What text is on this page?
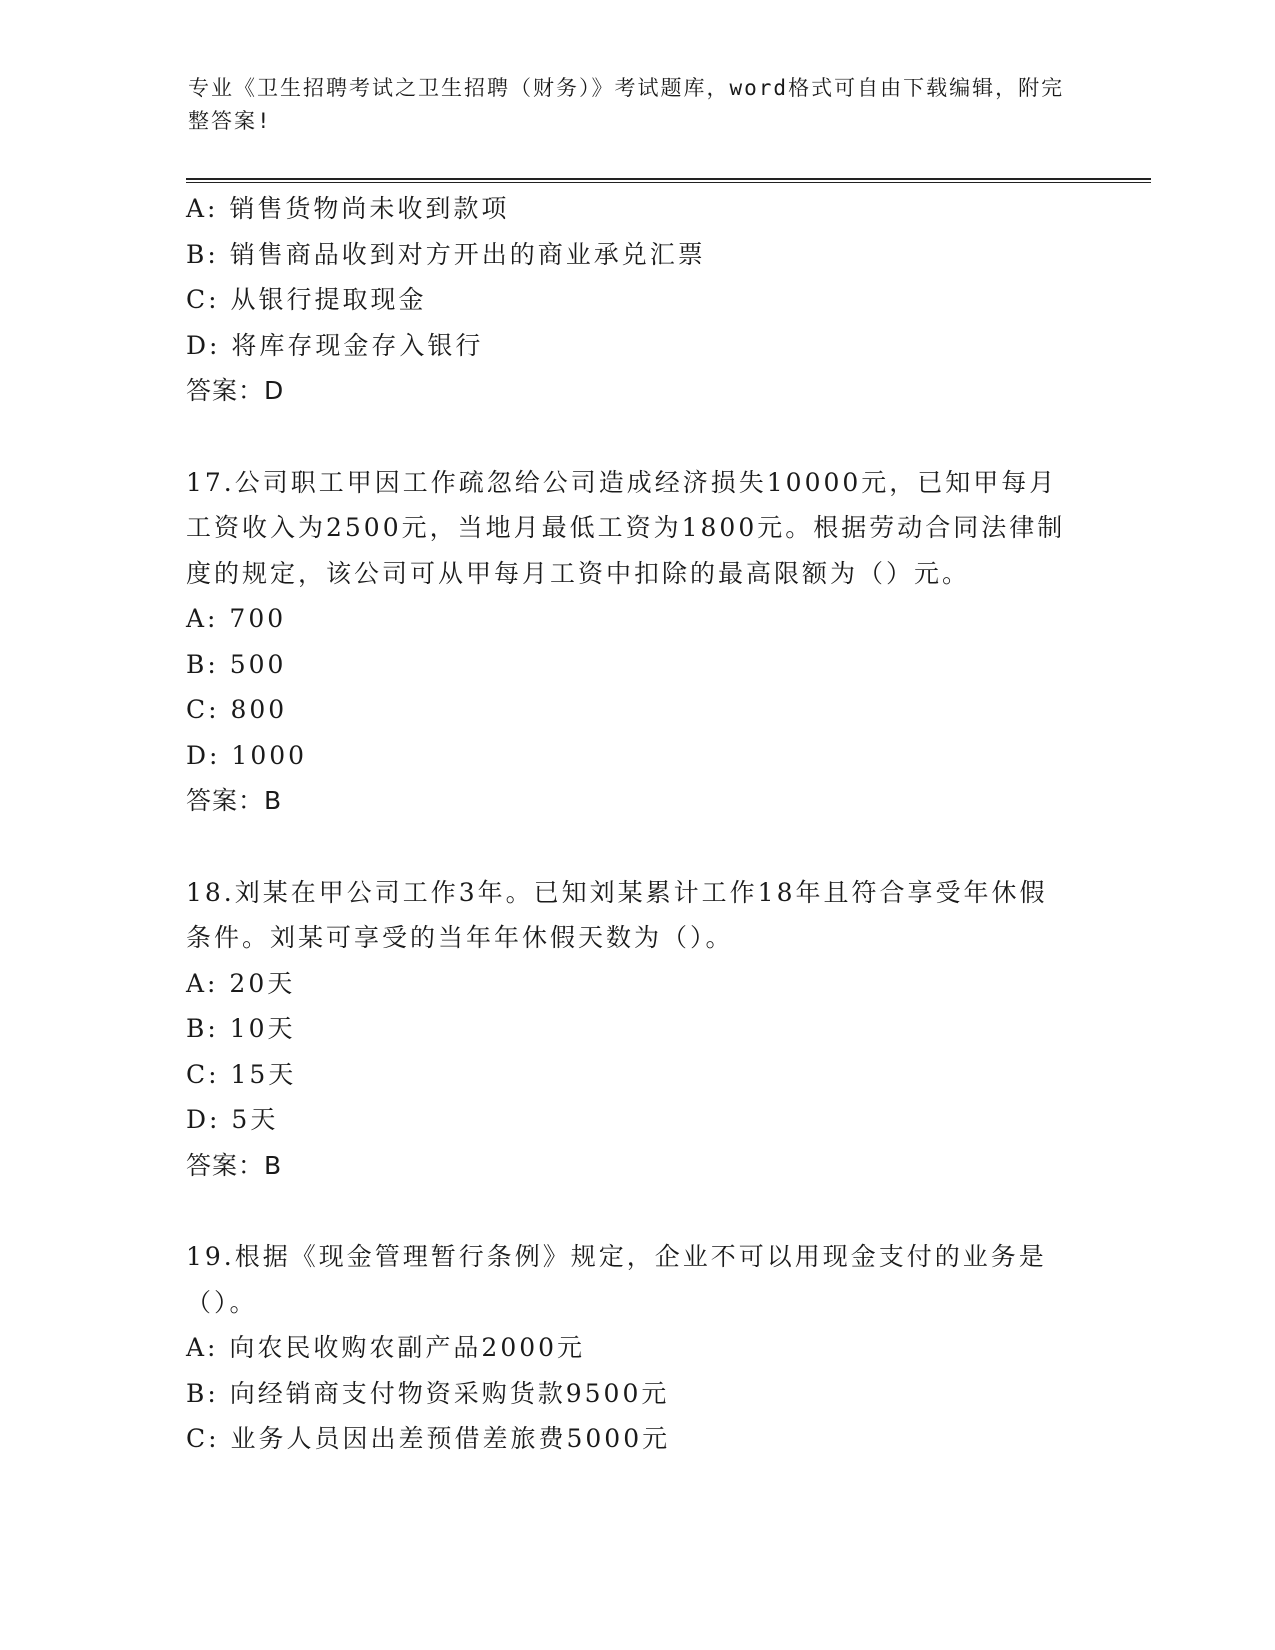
专业《卫生招聘考试之卫生招聘（财务）》考试题库，word格式可自由下载编辑，附完整答案!
A: 销售货物尚未收到款项
B: 销售商品收到对方开出的商业承兑汇票
C: 从银行提取现金
D: 将库存现金存入银行
答案：D
17.公司职工甲因工作疏忽给公司造成经济损失10000元，已知甲每月工资收入为2500元，当地月最低工资为1800元。根据劳动合同法律制度的规定，该公司可从甲每月工资中扣除的最高限额为（）元。
A: 700
B: 500
C: 800
D: 1000
答案：B
18.刘某在甲公司工作3年。已知刘某累计工作18年且符合享受年休假条件。刘某可享受的当年年休假天数为（）。
A: 20天
B: 10天
C: 15天
D: 5天
答案：B
19.根据《现金管理暂行条例》规定，企业不可以用现金支付的业务是（）。
A: 向农民收购农副产品2000元
B: 向经销商支付物资采购货款9500元
C: 业务人员因出差预借差旅费5000元
